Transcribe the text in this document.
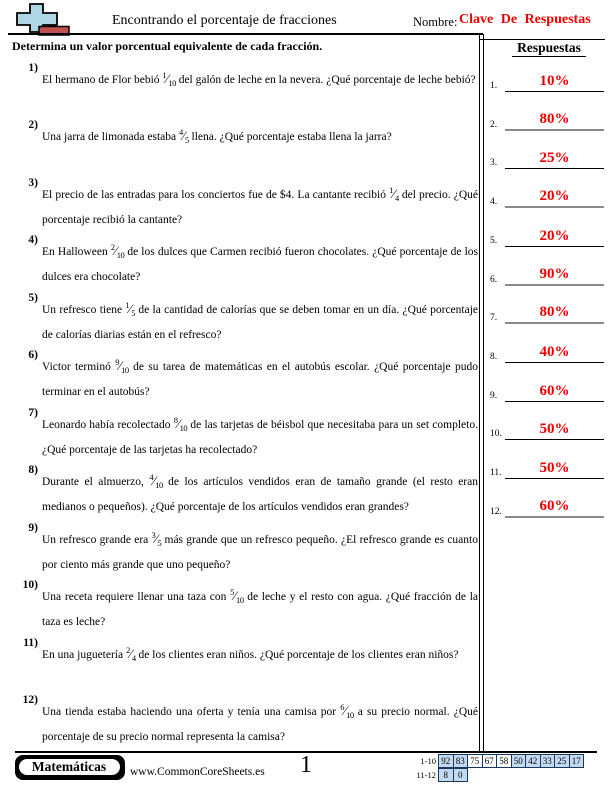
Encontrando el porcentaje de fracciones	Nombre: Clave De Respuestas
Determina un valor porcentual equivalente de cada fracción.	Respuestas
1.	10%
2.	80%
3.	25%
4.	20%
5.	20%
6.	90%
7.	80%
8.	40%
9.	60%
10.	50%
11.	50%
12.	60%
1)
El hermano de Flor bebió $^1⁄_{10}$ del galón de leche en la nevera. ¿Qué porcentaje de leche bebió?
2)
Una jarra de limonada estaba $^4⁄_5$ llena. ¿Qué porcentaje estaba llena la jarra?
3)
El precio de las entradas para los conciertos fue de $4. La cantante recibió $^1⁄_4$ del precio. ¿Qué porcentaje recibió la cantante?
4)
En Halloween $^2⁄_{10}$ de los dulces que Carmen recibió fueron chocolates. ¿Qué porcentaje de los dulces era chocolate?
5)
Un refresco tiene $^1⁄_5$ de la cantidad de calorías que se deben tomar en un día. ¿Qué porcentaje de calorías diarias están en el refresco?
6)
Victor terminó $^9⁄_{10}$ de su tarea de matemáticas en el autobús escolar. ¿Qué porcentaje pudo terminar en el autobús?
7)
Leonardo había recolectado $^8⁄_{10}$ de las tarjetas de béisbol que necesitaba para un set completo. ¿Qué porcentaje de las tarjetas ha recolectado?
8)
Durante el almuerzo, $^4⁄_{10}$ de los artículos vendidos eran de tamaño grande (el resto eran medianos o pequeños). ¿Qué porcentaje de los artículos vendidos eran grandes?
9)
Un refresco grande era $^3⁄_5$ más grande que un refresco pequeño. ¿El refresco grande es cuanto por ciento más grande que uno pequeño?
10)
Una receta requiere llenar una taza con $^5⁄_{10}$ de leche y el resto con agua. ¿Qué fracción de la taza es leche?
11)
En una juguetería $^2⁄_4$ de los clientes eran niños. ¿Qué porcentaje de los clientes eran niños?
12)
Una tienda estaba haciendo una oferta y tenía una camisa por $^6⁄_{10}$ a su precio normal. ¿Qué porcentaje de su precio normal representa la camisa?
Matemáticas	www.CommonCoreSheets.es 1	1-10 92 83 75 67 58 50 42 33 25 17
11-12 8	0
